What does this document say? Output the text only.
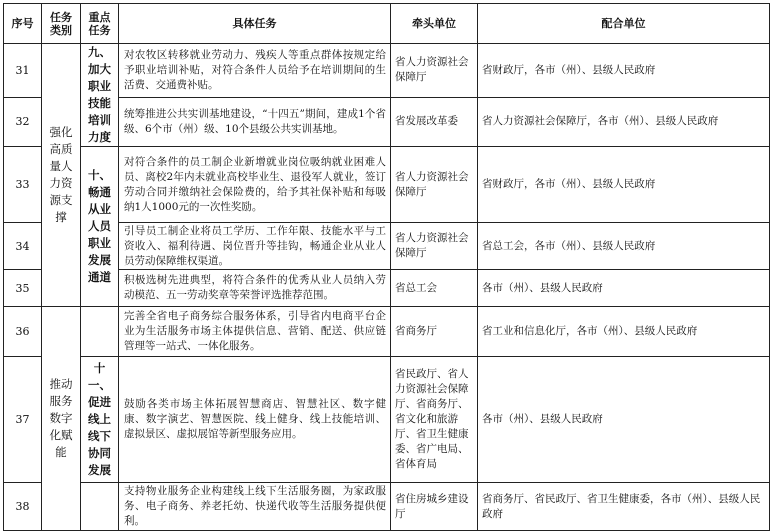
序号	任务类别	重点任务	具体任务	牵头单位	配合单位
31	强化高质量人力资源支撑	九、加大职业技能培训力度	对农牧区转移就业劳动力、残疾人等重点群体按规定给予职业培训补贴，对符合条件人员给予在培训期间的生活费、交通费补贴。	省人力资源社会保障厅	省财政厅，各市（州）、县级人民政府
32			统筹推进公共实训基地建设，“十四五”期间，建成1个省级、6个市（州）级、10个县级公共实训基地。	省发展改革委	省人力资源社会保障厅，各市（州）、县级人民政府
33		十、畅通从业人员职业发展通道	对符合条件的员工制企业新增就业岗位吸纳就业困难人员、离校2年内未就业高校毕业生、退役军人就业，签订劳动合同并缴纳社会保险费的，给予其社保补贴和每吸纳1人1000元的一次性奖励。	省人力资源社会保障厅	省财政厅，各市（州）、县级人民政府
34			引导员工制企业将员工学历、工作年限、技能水平与工资收入、福利待遇、岗位晋升等挂钩，畅通企业从业人员劳动保障维权渠道。	省人力资源社会保障厅	省总工会，各市（州）、县级人民政府
35			积极选树先进典型，将符合条件的优秀从业人员纳入劳动模范、五一劳动奖章等荣誉评选推荐范围。	省总工会	各市（州）、县级人民政府
36	推动服务数字化赋能		完善全省电子商务综合服务体系，引导省内电商平台企业为生活服务市场主体提供信息、营销、配送、供应链管理等一站式、一体化服务。	省商务厅	省工业和信息化厅，各市（州）、县级人民政府
37		十一、促进线上线下协同发展	鼓励各类市场主体拓展智慧商店、智慧社区、数字健康、数字演艺、智慧医院、线上健身、线上技能培训、虚拟景区、虚拟展馆等新型服务应用。	省民政厅、省人力资源社会保障厅、省商务厅、省文化和旅游厅、省卫生健康委、省广电局、省体育局	各市（州）、县级人民政府
38			支持物业服务企业构建线上线下生活服务圈，为家政服务、电子商务、养老托幼、快递代收等生活服务提供便利。	省住房城乡建设厅	省商务厅、省民政厅、省卫生健康委，各市（州）、县级人民政府
